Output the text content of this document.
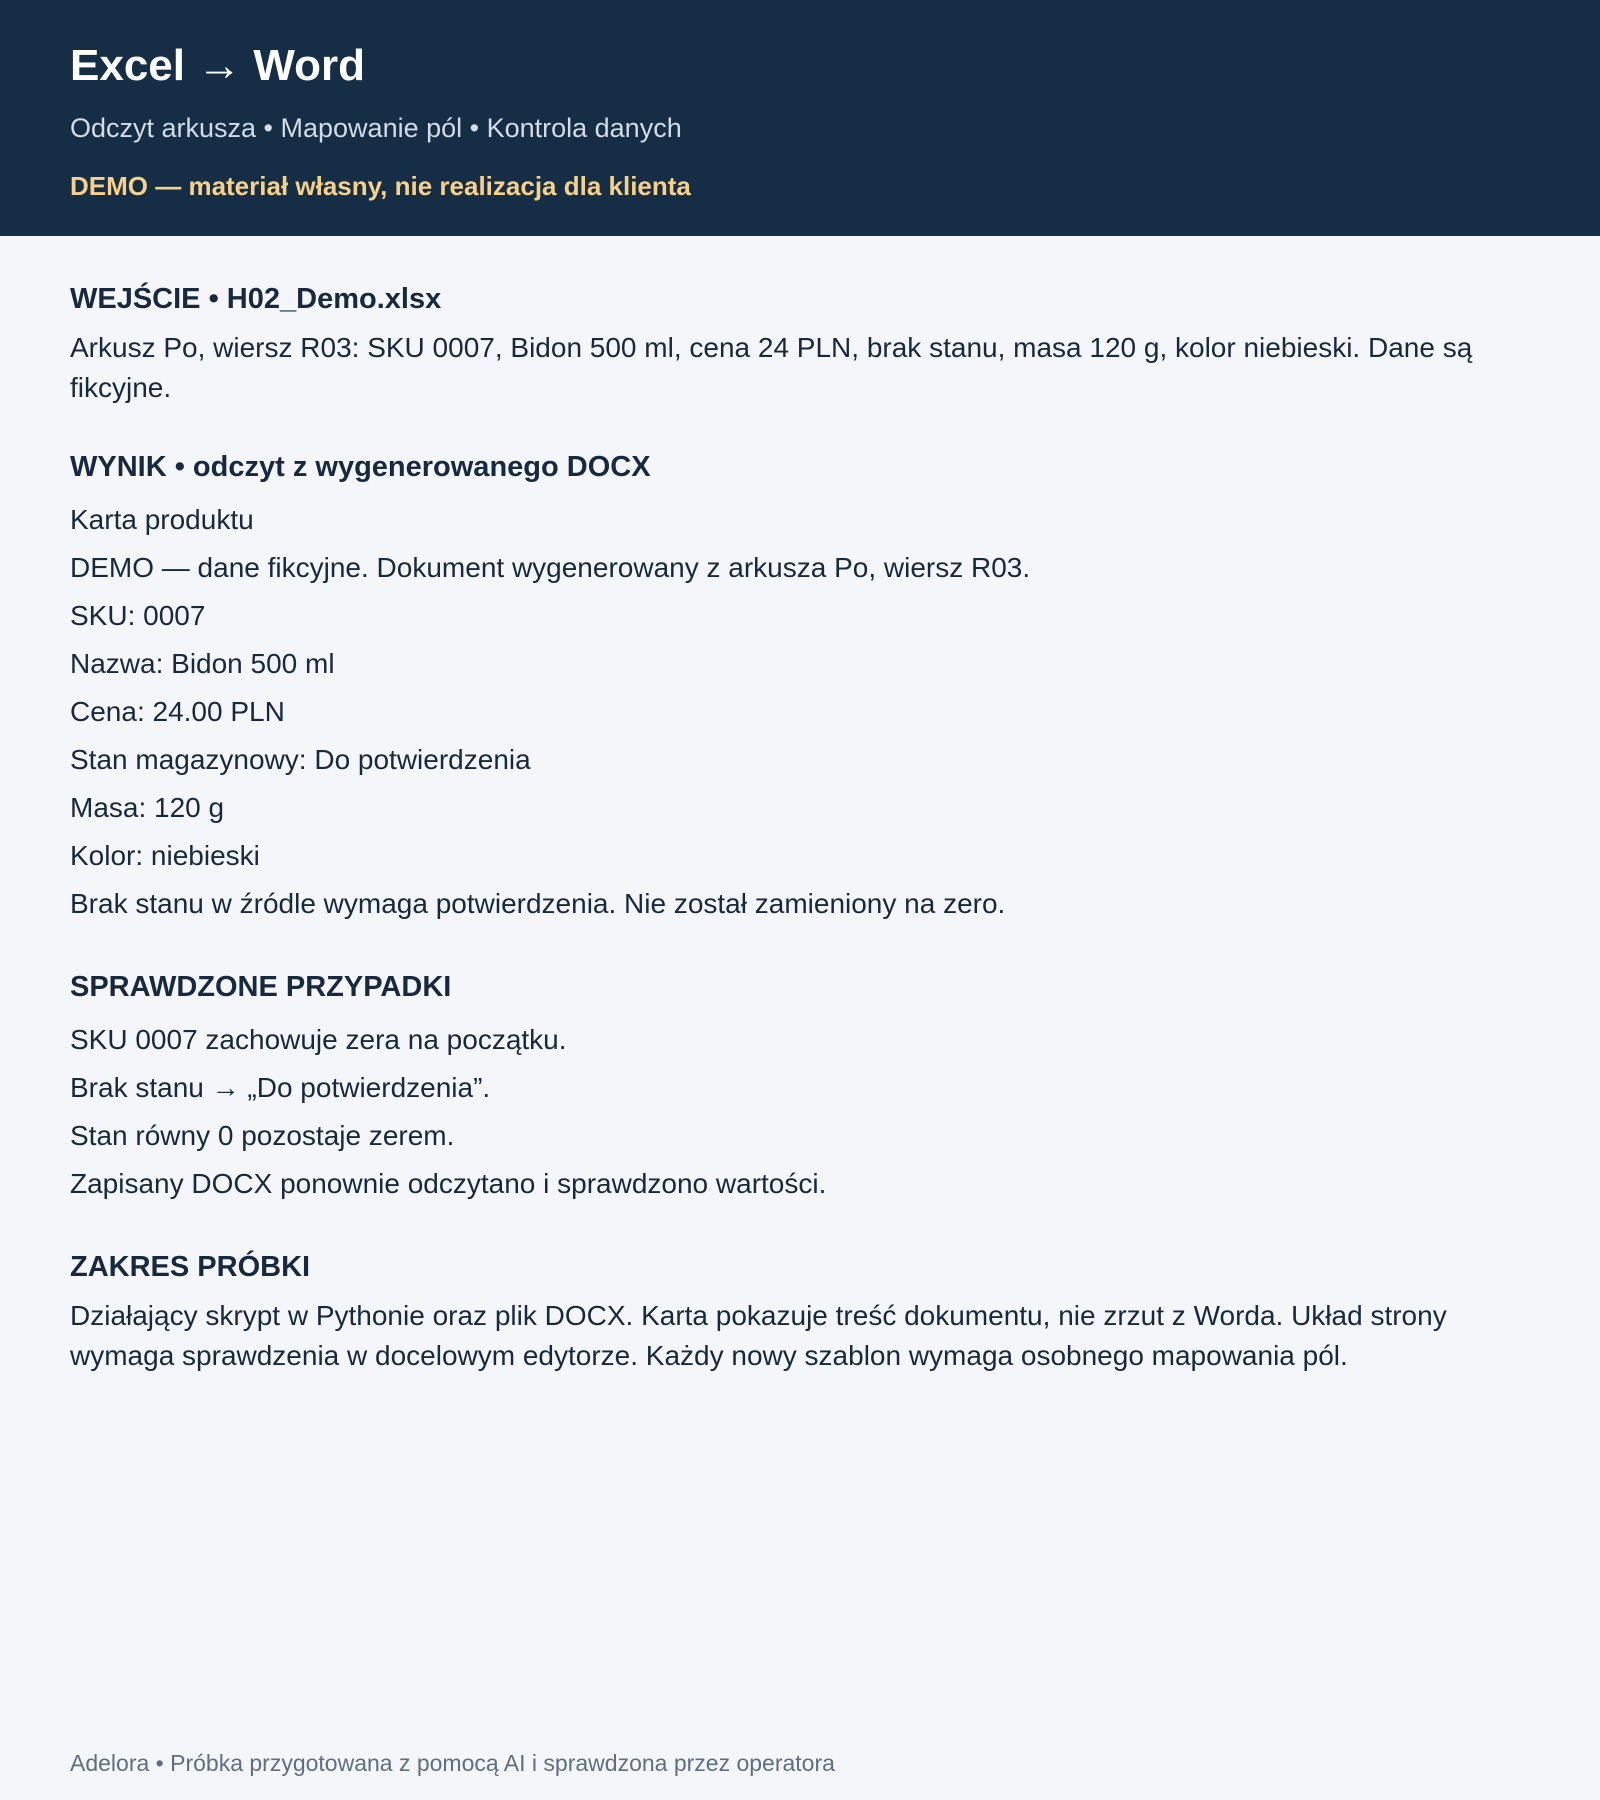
Excel → Word
Odczyt arkusza • Mapowanie pól • Kontrola danych
DEMO — materiał własny, nie realizacja dla klienta
WEJŚCIE • H02_Demo.xlsx

Arkusz Po, wiersz R03: SKU 0007, Bidon 500 ml, cena 24 PLN, brak stanu, masa 120 g, kolor niebieski. Dane są fikcyjne.

WYNIK • odczyt z wygenerowanego DOCX
Karta produktu
DEMO — dane fikcyjne. Dokument wygenerowany z arkusza Po, wiersz R03.
SKU: 0007
Nazwa: Bidon 500 ml
Cena: 24.00 PLN
Stan magazynowy: Do potwierdzenia
Masa: 120 g
Kolor: niebieski
Brak stanu w źródle wymaga potwierdzenia. Nie został zamieniony na zero.
SPRAWDZONE PRZYPADKI
SKU 0007 zachowuje zera na początku.
Brak stanu → „Do potwierdzenia”.
Stan równy 0 pozostaje zerem.
Zapisany DOCX ponownie odczytano i sprawdzono wartości.
ZAKRES PRÓBKI

Działający skrypt w Pythonie oraz plik DOCX. Karta pokazuje treść dokumentu, nie zrzut z Worda. Układ strony wymaga sprawdzenia w docelowym edytorze. Każdy nowy szablon wymaga osobnego mapowania pól.

Adelora • Próbka przygotowana z pomocą AI i sprawdzona przez operatora
